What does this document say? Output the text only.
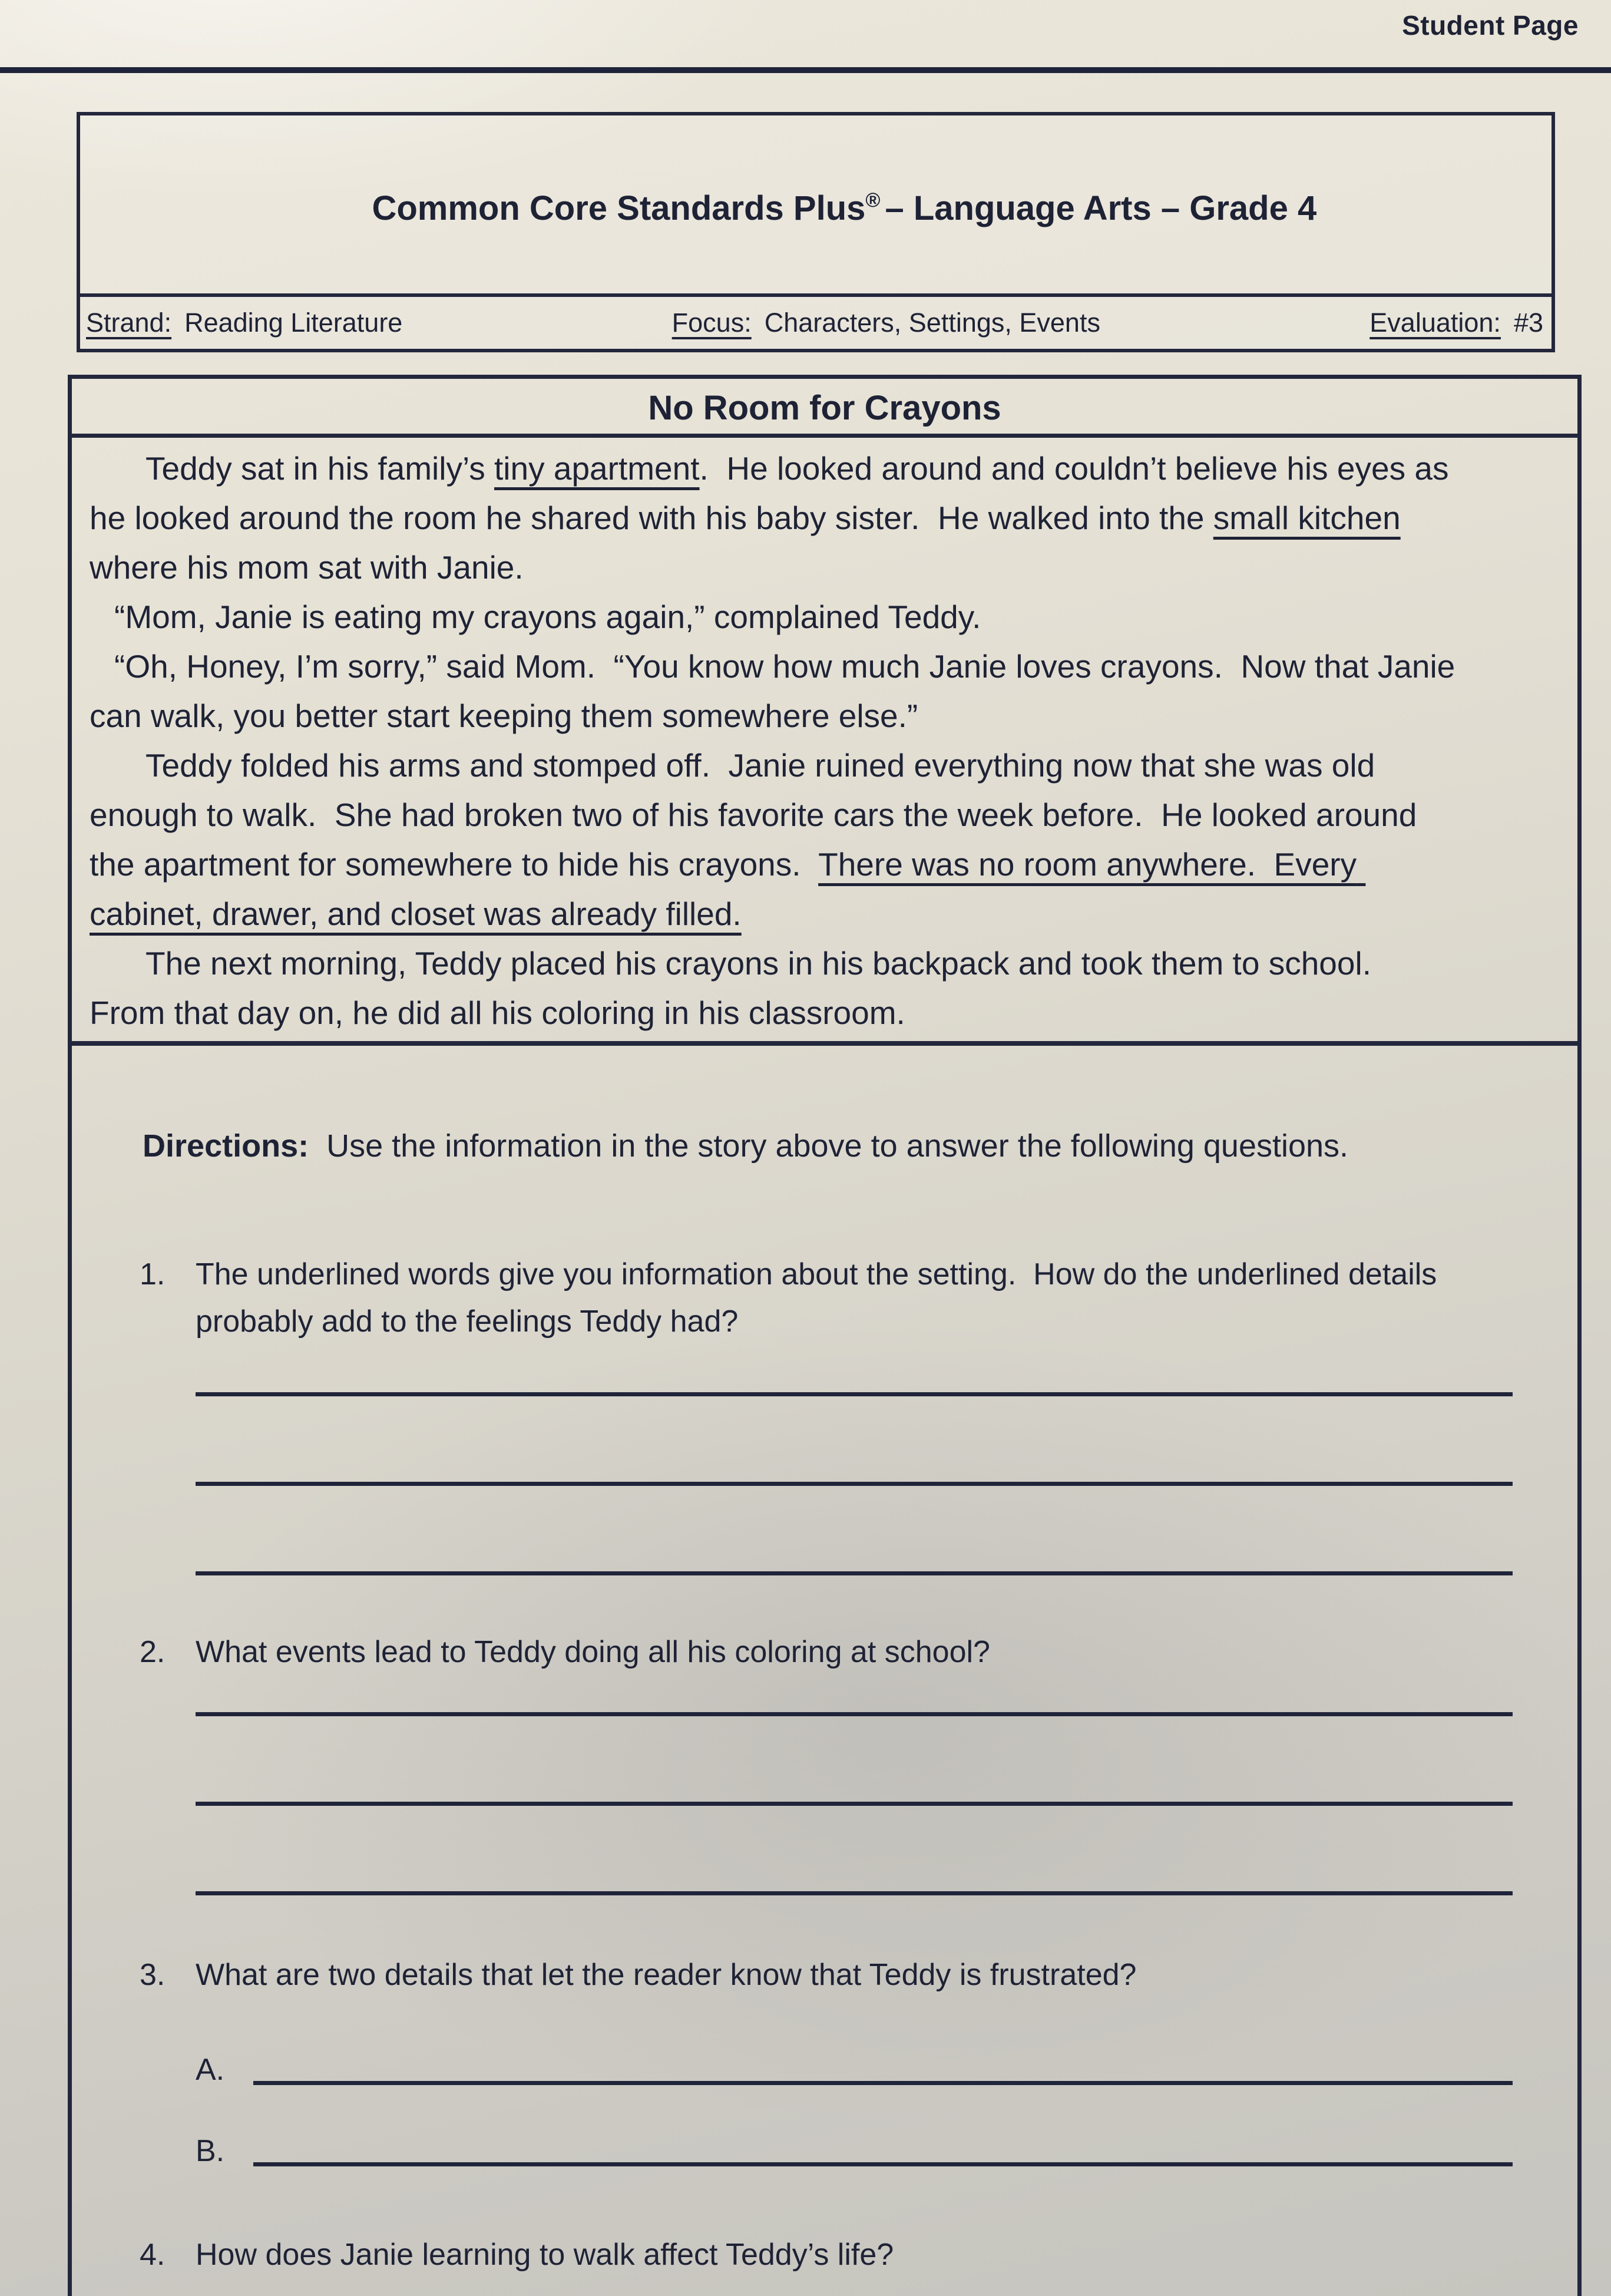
Student Page

Common Core Standards Plus® – Language Arts – Grade 4

Strand: Reading Literature	Focus: Characters, Settings, Events	Evaluation: #3
No Room for Crayons

Teddy sat in his family’s tiny apartment.  He looked around and couldn’t believe his eyes as he looked around the room he shared with his baby sister.  He walked into the small kitchen where his mom sat with Janie.

“Mom, Janie is eating my crayons again,” complained Teddy.

“Oh, Honey, I’m sorry,” said Mom.  “You know how much Janie loves crayons.  Now that Janie can walk, you better start keeping them somewhere else.”

Teddy folded his arms and stomped off.  Janie ruined everything now that she was old enough to walk.  She had broken two of his favorite cars the week before.  He looked around the apartment for somewhere to hide his crayons.  There was no room anywhere.  Every cabinet, drawer, and closet was already filled.

The next morning, Teddy placed his crayons in his backpack and took them to school.  From that day on, he did all his coloring in his classroom.

Directions: Use the information in the story above to answer the following questions.

1. The underlined words give you information about the setting.  How do the underlined details probably add to the feelings Teddy had?
2. What events lead to Teddy doing all his coloring at school?
3. What are two details that let the reader know that Teddy is frustrated?
A.
B.
4. How does Janie learning to walk affect Teddy’s life?
